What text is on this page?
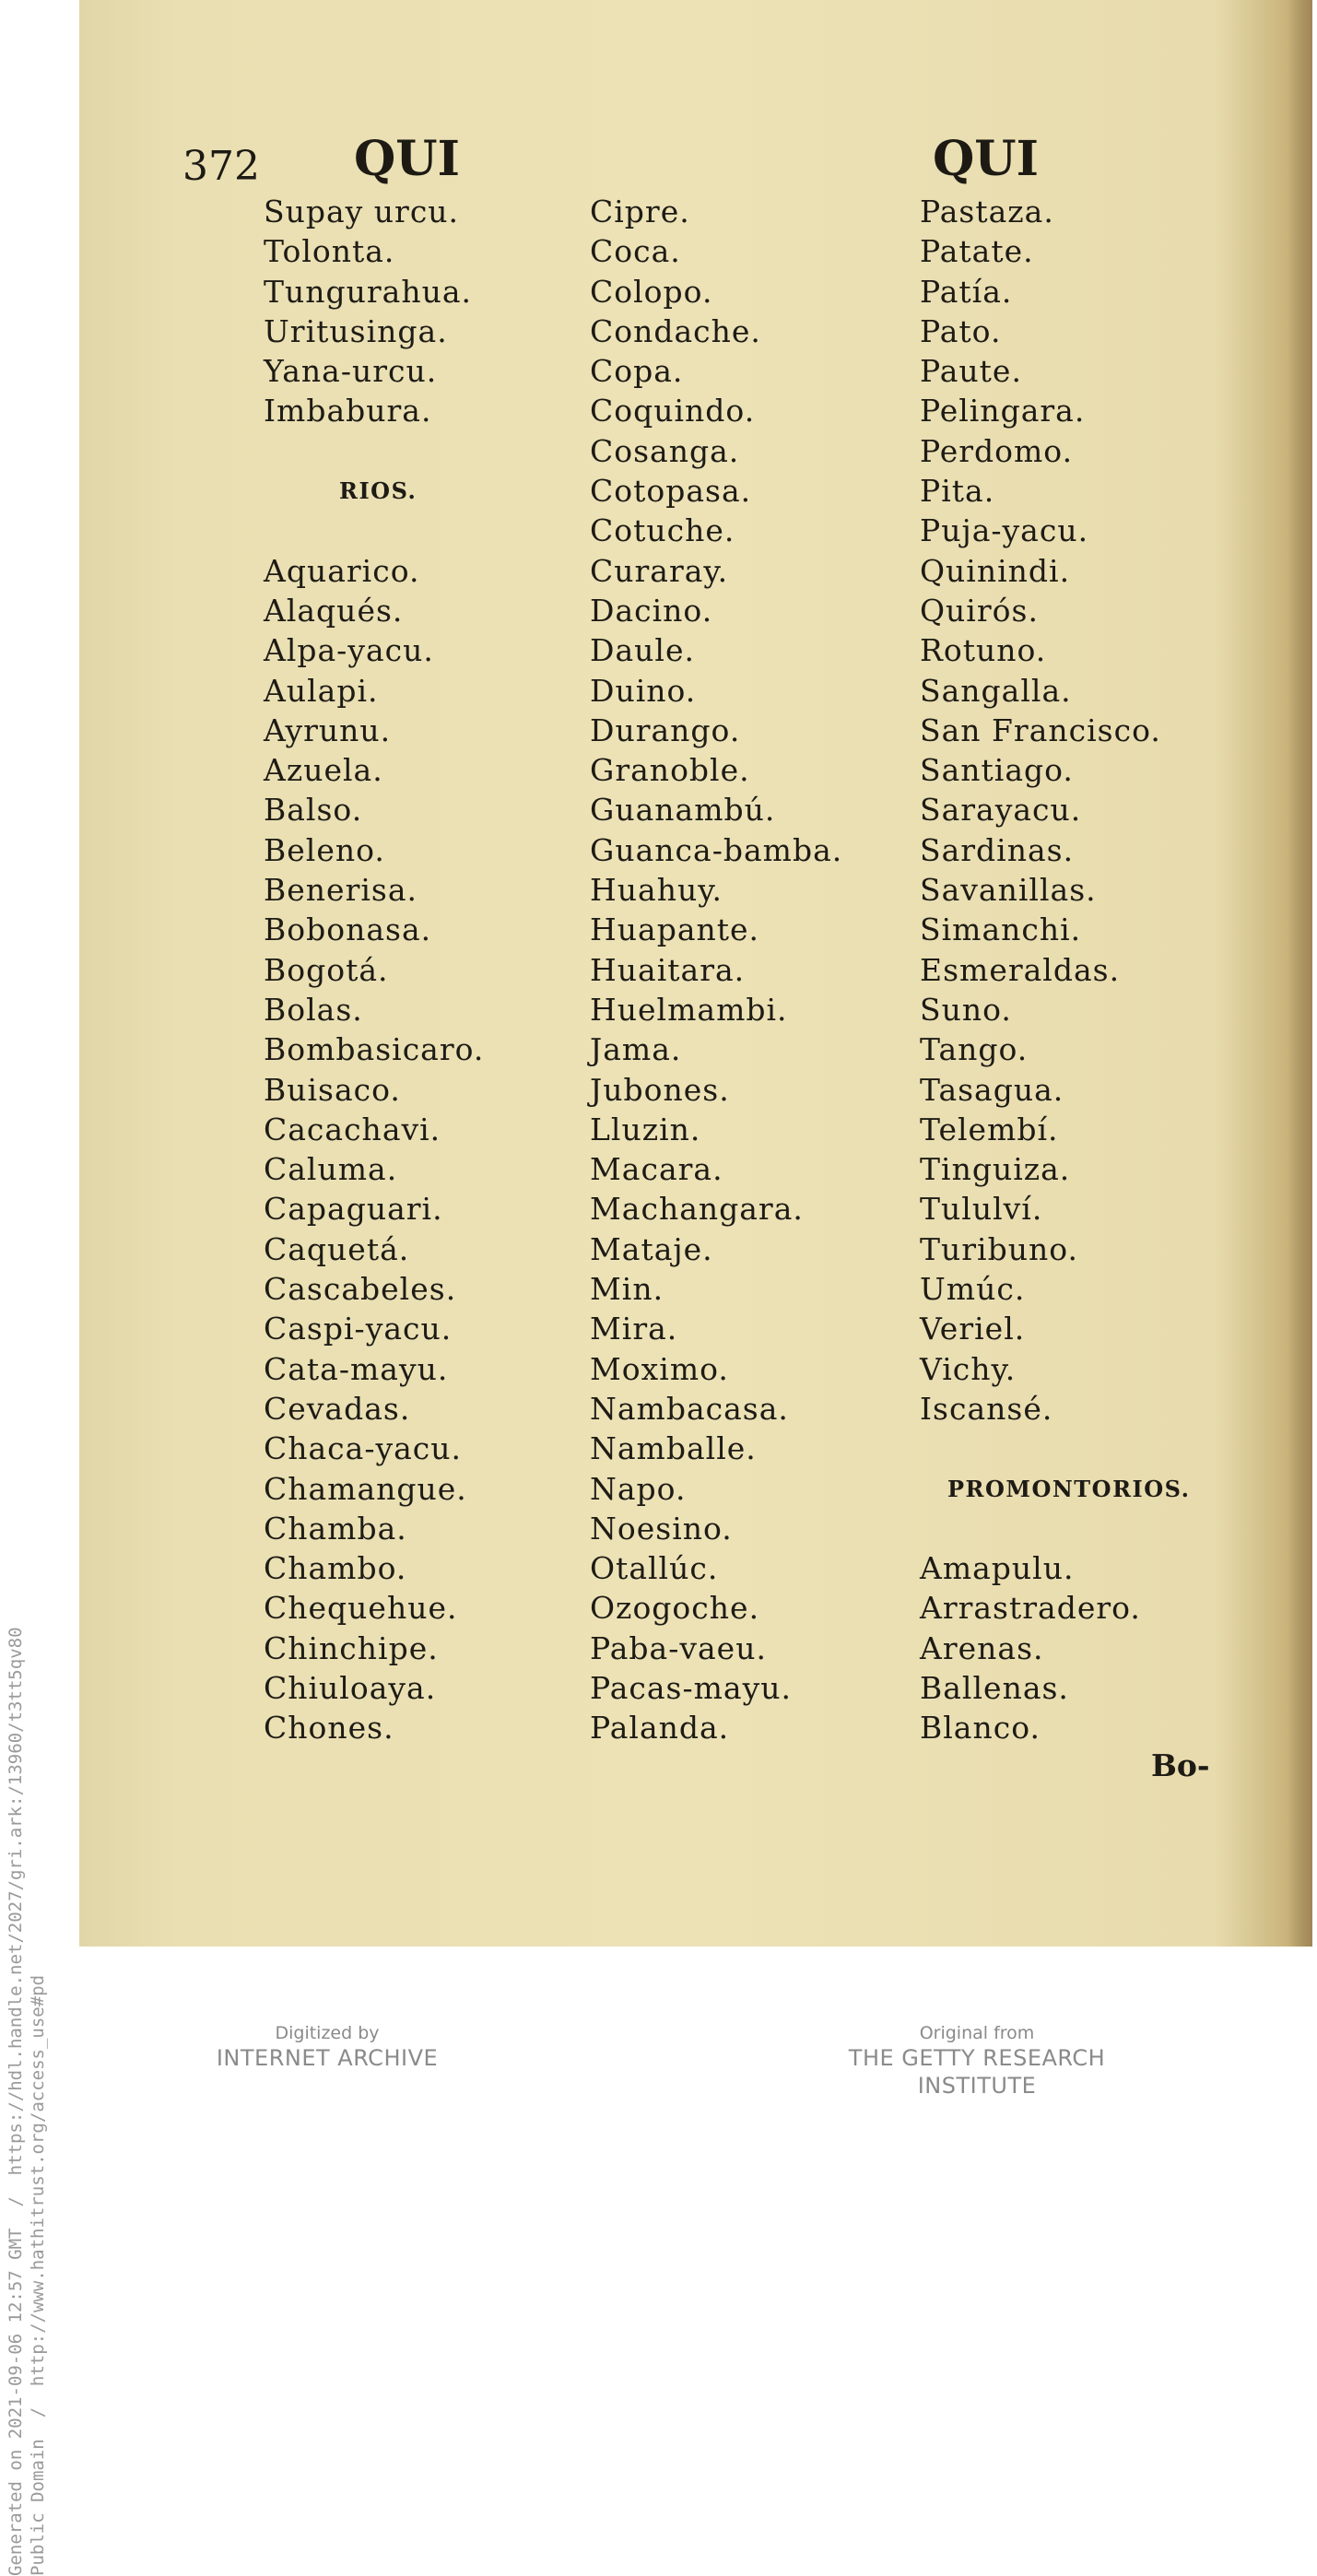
Generated on 2021-09-06 12:57 GMT  /  https://hdl.handle.net/2027/gri.ark:/13960/t3tt5qv80 Public Domain  /  http://www.hathitrust.org/access_use#pd
372 QUI	QUI
Supay urcu.
Tolonta.
Tungurahua.
Uritusinga.
Yana-urcu.
Imbabura.
RIOS.
Aquarico.
Alaqués.
Alpa-yacu.
Aulapi.
Ayrunu.
Azuela.
Balso.
Beleno.
Benerisa.
Bobonasa.
Bogotá.
Bolas.
Bombasicaro.
Buisaco.
Cacachavi.
Caluma.
Capaguari.
Caquetá.
Cascabeles.
Caspi-yacu.
Cata-mayu.
Cevadas.
Chaca-yacu.
Chamangue.
Chamba.
Chambo.
Chequehue.
Chinchipe.
Chiuloaya.
Chones.
Cipre.
Coca.
Colopo.
Condache.
Copa.
Coquindo.
Cosanga.
Cotopasa.
Cotuche.
Curaray.
Dacino.
Daule.
Duino.
Durango.
Granoble.
Guanambú.
Guanca-bamba.
Huahuy.
Huapante.
Huaitara.
Huelmambi.
Jama.
Jubones.
Lluzin.
Macara.
Machangara.
Mataje.
Min.
Mira.
Moximo.
Nambacasa.
Namballe.
Napo.
Noesino.
Otallúc.
Ozogoche.
Paba-vaeu.
Pacas-mayu.
Palanda.
Pastaza.
Patate.
Patía.
Pato.
Paute.
Pelingara.
Perdomo.
Pita.
Puja-yacu.
Quinindi.
Quirós.
Rotuno.
Sangalla.
San Francisco.
Santiago.
Sarayacu.
Sardinas.
Savanillas.
Simanchi.
Esmeraldas.
Suno.
Tango.
Tasagua.
Telembí.
Tinguiza.
Tululví.
Turibuno.
Umúc.
Veriel.
Vichy.
Iscansé.
PROMONTORIOS.
Amapulu.
Arrastradero.
Arenas.
Ballenas.
Blanco.
Bo-
Digitized by
INTERNET ARCHIVE
Original from
THE GETTY RESEARCH INSTITUTE
